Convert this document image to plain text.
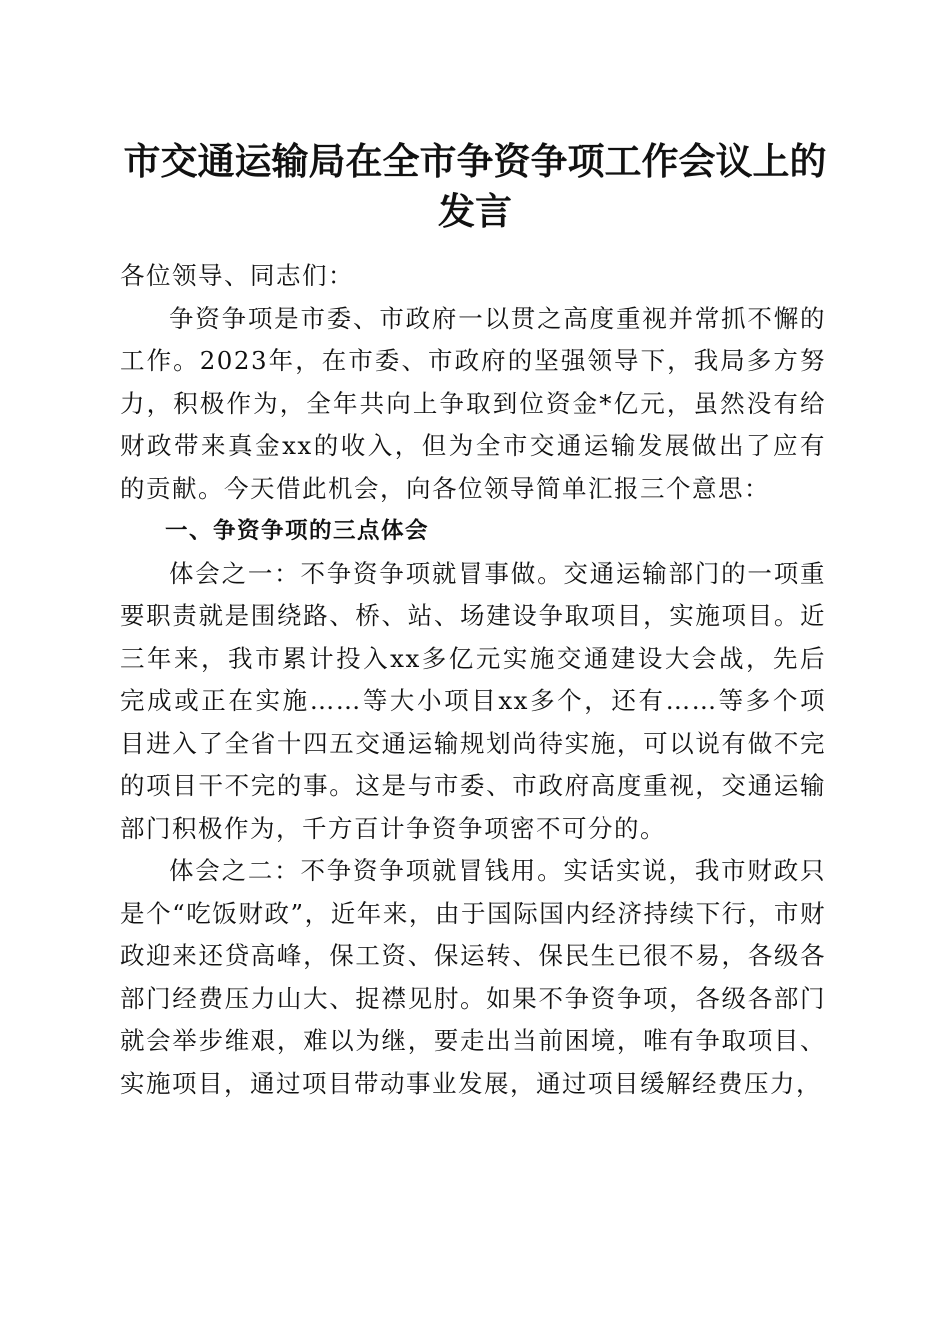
市交通运输局在全市争资争项工作会议上的发言

各位领导、同志们：

争资争项是市委、市政府一以贯之高度重视并常抓不懈的工作。2023年，在市委、市政府的坚强领导下，我局多方努力，积极作为，全年共向上争取到位资金*亿元，虽然没有给财政带来真金xx的收入，但为全市交通运输发展做出了应有的贡献。今天借此机会，向各位领导简单汇报三个意思：

一、争资争项的三点体会

体会之一：不争资争项就冒事做。交通运输部门的一项重要职责就是围绕路、桥、站、场建设争取项目，实施项目。近三年来，我市累计投入xx多亿元实施交通建设大会战，先后完成或正在实施……等大小项目xx多个，还有……等多个项目进入了全省十四五交通运输规划尚待实施，可以说有做不完的项目干不完的事。这是与市委、市政府高度重视，交通运输部门积极作为，千方百计争资争项密不可分的。

体会之二：不争资争项就冒钱用。实话实说，我市财政只是个“吃饭财政”，近年来，由于国际国内经济持续下行，市财政迎来还贷高峰，保工资、保运转、保民生已很不易，各级各部门经费压力山大、捉襟见肘。如果不争资争项，各级各部门就会举步维艰，难以为继，要走出当前困境，唯有争取项目、实施项目，通过项目带动事业发展，通过项目缓解经费压力，
